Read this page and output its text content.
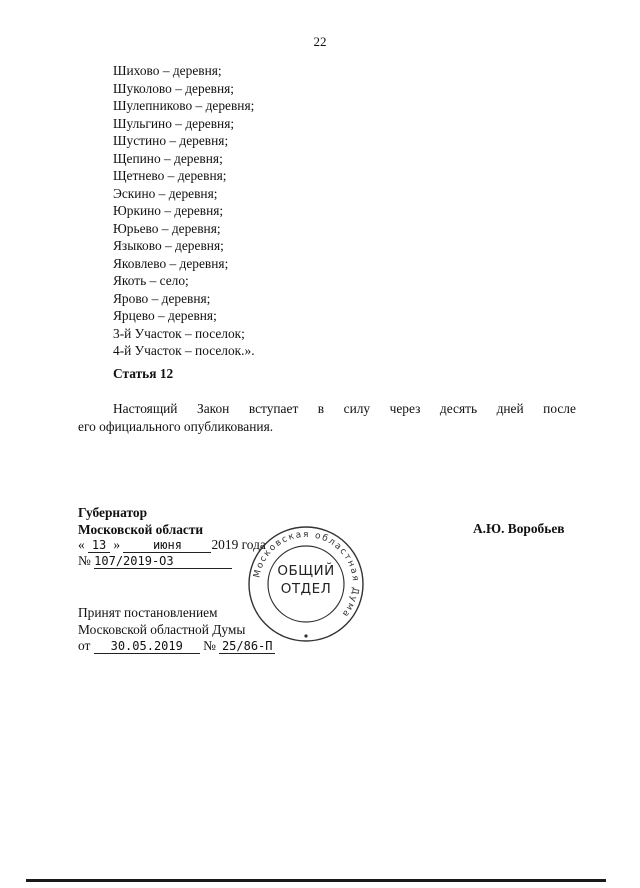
22
Шихово – деревня;
Шуколово – деревня;
Шулепниково – деревня;
Шульгино – деревня;
Шустино – деревня;
Щепино – деревня;
Щетнево – деревня;
Эскино – деревня;
Юркино – деревня;
Юрьево – деревня;
Языково – деревня;
Яковлево – деревня;
Якоть – село;
Ярово – деревня;
Ярцево – деревня;
3-й Участок – поселок;
4-й Участок – поселок.».
Статья 12
Настоящий Закон вступает в силу через десять дней после
его официального опубликования.
Губернатор
Московской области	А.Ю. Воробьев
« 13 »	июня 2019 года
№ 107/2019-ОЗ
Принят постановлением
Московской областной Думы
от 30.05.2019 № 25/86-П
Московская областная Дума
ОБЩИЙ
ОТДЕЛ
